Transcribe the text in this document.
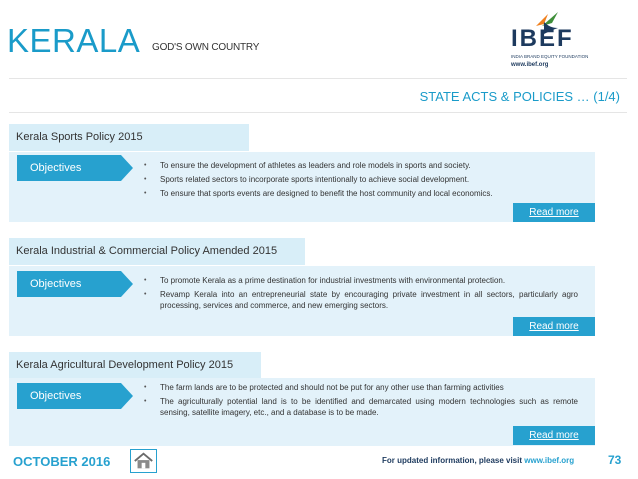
KERALA GOD'S OWN COUNTRY	IBEF
INDIA BRAND EQUITY FOUNDATION
www.ibef.org
STATE ACTS & POLICIES … (1/4)
Kerala Sports Policy 2015
Objectives	• To ensure the development of athletes as leaders and role models in sports and society.
• Sports related sectors to incorporate sports intentionally to achieve social development.
• To ensure that sports events are designed to benefit the host community and local economics.
Read more
Kerala Industrial & Commercial Policy Amended 2015
Objectives	• To promote Kerala as a prime destination for industrial investments with environmental protection.
• Revamp Kerala into an entrepreneurial state by encouraging private investment in all sectors, particularly agro processing, services and commerce, and new emerging sectors.
Read more
Kerala Agricultural Development Policy 2015
Objectives
• The farm lands are to be protected and should not be put for any other use than farming activities
• The agriculturally potential land is to be identified and demarcated using modern technologies such as remote sensing, satellite imagery, etc., and a database is to be made.
Read more
OCTOBER 2016	For updated information, please visit www.ibef.org	73
